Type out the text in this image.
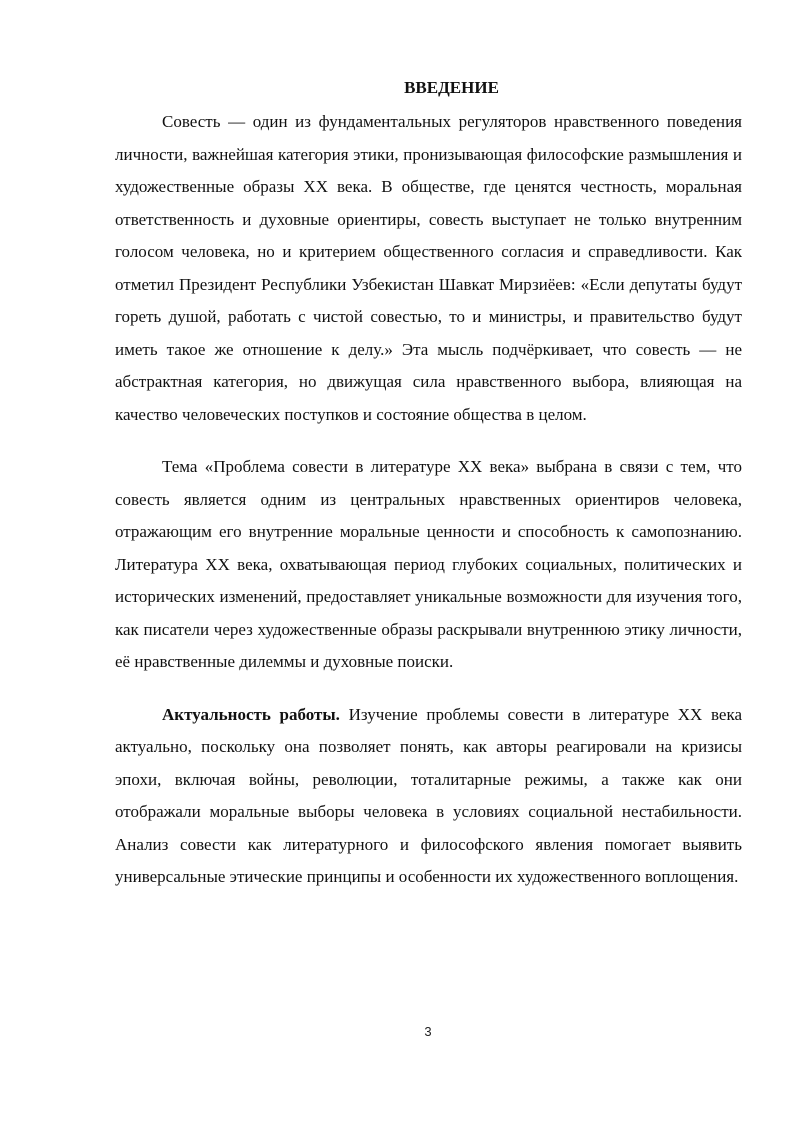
ВВЕДЕНИЕ

Совесть — один из фундаментальных регуляторов нравственного поведения личности, важнейшая категория этики, пронизывающая философские размышления и художественные образы XX века. В обществе, где ценятся честность, моральная ответственность и духовные ориентиры, совесть выступает не только внутренним голосом человека, но и критерием общественного согласия и справедливости. Как отметил Президент Республики Узбекистан Шавкат Мирзиёев: «Если депутаты будут гореть душой, работать с чистой совестью, то и министры, и правительство будут иметь такое же отношение к делу.» Эта мысль подчёркивает, что совесть — не абстрактная категория, но движущая сила нравственного выбора, влияющая на качество человеческих поступков и состояние общества в целом.

Тема «Проблема совести в литературе XX века» выбрана в связи с тем, что совесть является одним из центральных нравственных ориентиров человека, отражающим его внутренние моральные ценности и способность к самопознанию. Литература XX века, охватывающая период глубоких социальных, политических и исторических изменений, предоставляет уникальные возможности для изучения того, как писатели через художественные образы раскрывали внутреннюю этику личности, её нравственные дилеммы и духовные поиски.

Актуальность работы. Изучение проблемы совести в литературе XX века актуально, поскольку она позволяет понять, как авторы реагировали на кризисы эпохи, включая войны, революции, тоталитарные режимы, а также как они отображали моральные выборы человека в условиях социальной нестабильности. Анализ совести как литературного и философского явления помогает выявить универсальные этические принципы и особенности их художественного воплощения.

3
